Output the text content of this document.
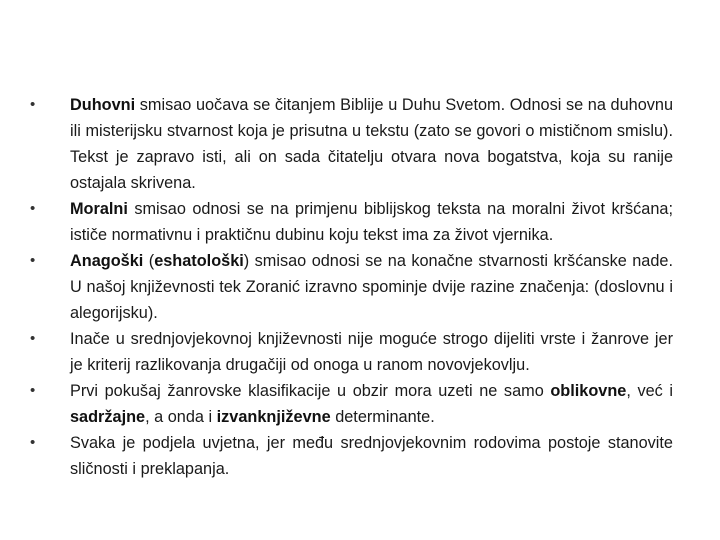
•	Duhovni smisao uočava se čitanjem Biblije u Duhu Svetom. Odnosi se na duhovnu ili misterijsku stvarnost koja je prisutna u tekstu (zato se govori o mističnom smislu). Tekst je zapravo isti, ali on sada čitatelju otvara nova bogatstva, koja su ranije ostajala skrivena.
•	Moralni smisao odnosi se na primjenu biblijskog teksta na moralni život kršćana; ističe normativnu i praktičnu dubinu koju tekst ima za život vjernika.
•	Anagoški (eshatološki) smisao odnosi se na konačne stvarnosti kršćanske nade. U našoj književnosti tek Zoranić izravno spominje dvije razine značenja: (doslovnu i alegorijsku).
•	Inače u srednjovjekovnoj književnosti nije moguće strogo dijeliti vrste i žanrove jer je kriterij razlikovanja drugačiji od onoga u ranom novovjekovlju.
•	Prvi pokušaj žanrovske klasifikacije u obzir mora uzeti ne samo oblikovne, već i sadržajne, a onda i izvanknjiževne determinante.
•	Svaka je podjela uvjetna, jer među srednjovjekovnim rodovima postoje stanovite sličnosti i preklapanja.
